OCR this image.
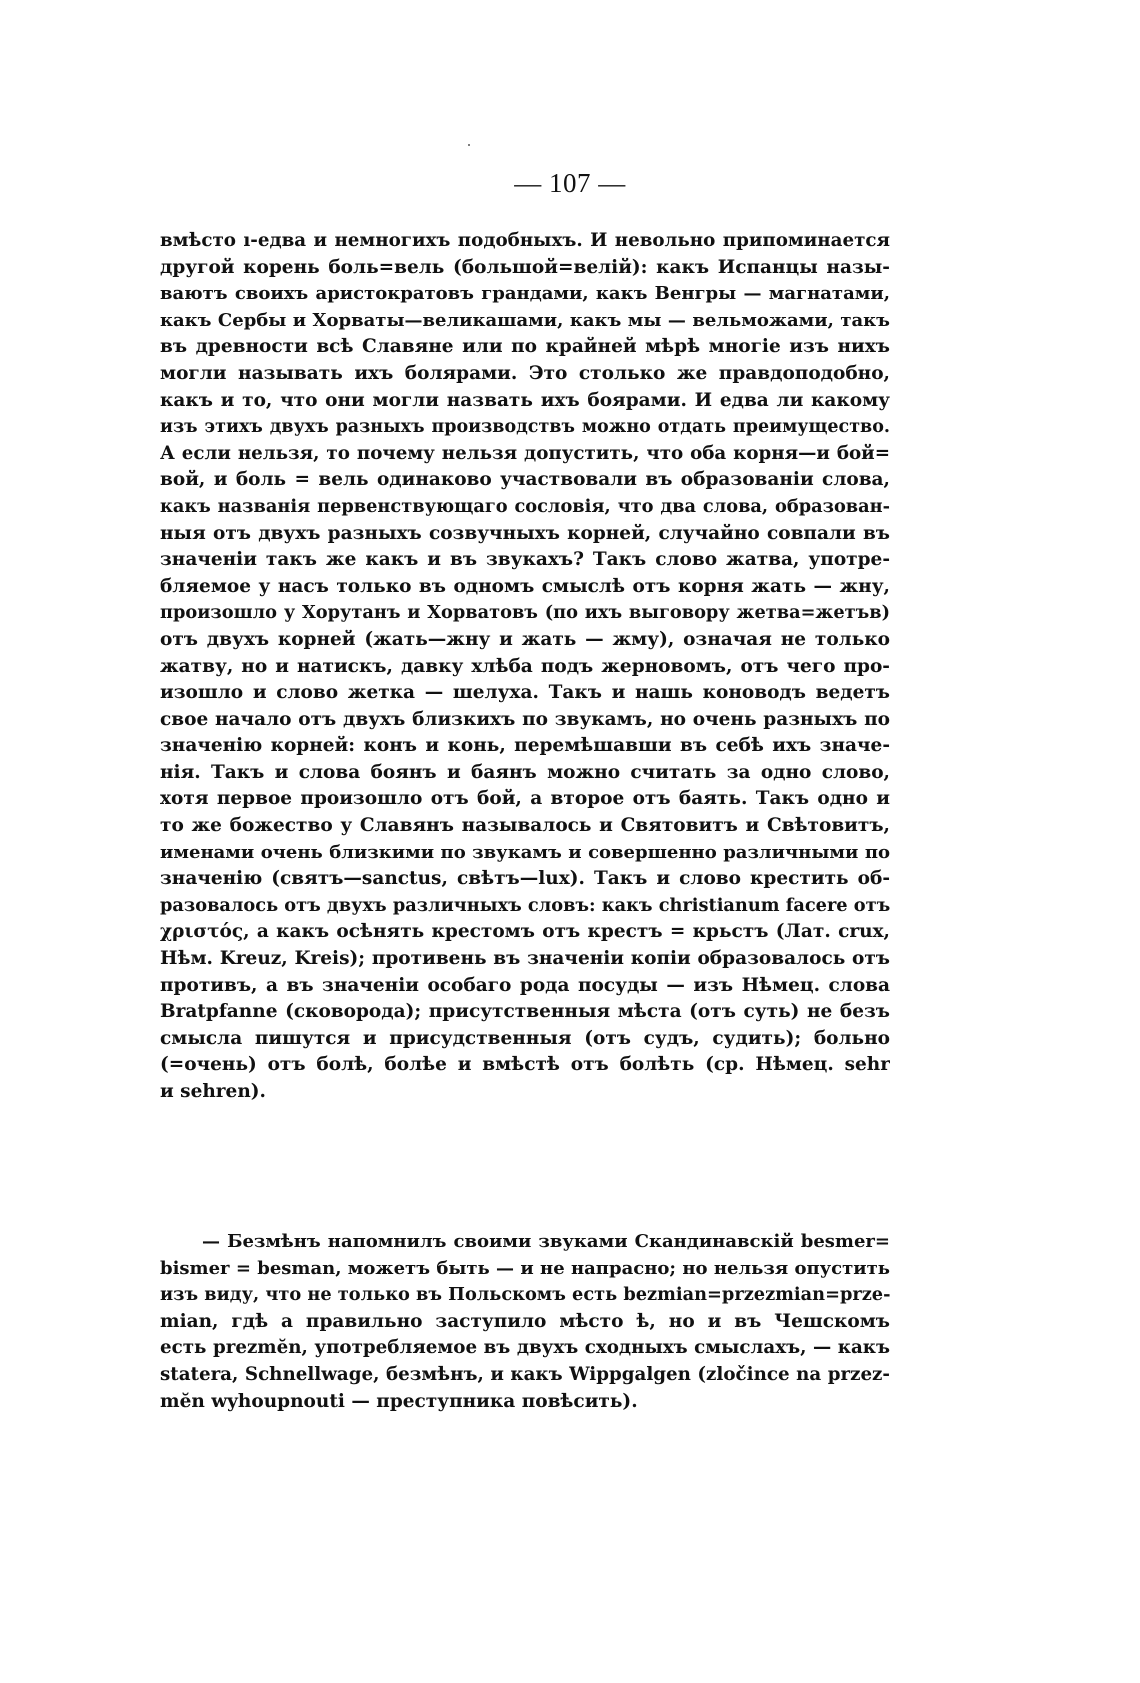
— 107 —
вмѣсто ı-едва и немногихъ подобныхъ. И невольно припоминается
другой корень боль=вель (большой=велій): какъ Испанцы назы-
ваютъ своихъ аристократовъ грандами, какъ Венгры — магнатами,
какъ Сербы и Хорваты—великашами, какъ мы — вельможами, такъ
въ древности всѣ Славяне или по крайней мѣрѣ многіе изъ нихъ
могли называть ихъ болярами. Это столько же правдоподобно,
какъ и то, что они могли назвать ихъ боярами. И едва ли какому
изъ этихъ двухъ разныхъ производствъ можно отдать преимущество.
А если нельзя, то почему нельзя допустить, что оба корня—и бой=
вой, и боль = вель одинаково участвовали въ образованіи слова,
какъ названія первенствующаго сословія, что два слова, образован-
ныя отъ двухъ разныхъ созвучныхъ корней, случайно совпали въ
значеніи такъ же какъ и въ звукахъ? Такъ слово жатва, употре-
бляемое у насъ только въ одномъ смыслѣ отъ корня жать — жну,
произошло у Хорутанъ и Хорватовъ (по ихъ выговору жетва=жетъв)
отъ двухъ корней (жать—жну и жать — жму), означая не только
жатву, но и натискъ, давку хлѣба подъ жерновомъ, отъ чего про-
изошло и слово жетка — шелуха. Такъ и нашь коноводъ ведетъ
свое начало отъ двухъ близкихъ по звукамъ, но очень разныхъ по
значенію корней: конъ и конь, перемѣшавши въ себѣ ихъ значе-
нія. Такъ и слова боянъ и баянъ можно считать за одно слово,
хотя первое произошло отъ бой, а второе отъ баять. Такъ одно и
то же божество у Славянъ называлось и Святовитъ и Свѣтовитъ,
именами очень близкими по звукамъ и совершенно различными по
значенію (святъ—sanctus, свѣтъ—lux). Такъ и слово крестить об-
разовалось отъ двухъ различныхъ словъ: какъ christianum facere отъ
χριστός, а какъ осѣнять крестомъ отъ крестъ = крьстъ (Лат. crux,
Нѣм. Kreuz, Kreis); противень въ значеніи копіи образовалось отъ
противъ, а въ значеніи особаго рода посуды — изъ Нѣмец. слова
Bratpfanne (сковорода); присутственныя мѣста (отъ суть) не безъ
смысла пишутся и присудственныя (отъ судъ, судить); больно
(=очень) отъ болѣ, болѣе и вмѣстѣ отъ болѣть (ср. Нѣмец. sehr
и sehren).
— Безмѣнъ напомнилъ своими звуками Скандинавскій besmer=
bismer = besman, можетъ быть — и не напрасно; но нельзя опустить
изъ виду, что не только въ Польскомъ есть bezmian=przezmian=prze-
mian, гдѣ а правильно заступило мѣсто ѣ, но и въ Чешскомъ
есть prezmĕn, употребляемое въ двухъ сходныхъ смыслахъ, — какъ
statera, Schnellwage, безмѣнъ, и какъ Wippgalgen (zločince na przez-
mĕn wyhoupnouti — преступника повѣсить).
